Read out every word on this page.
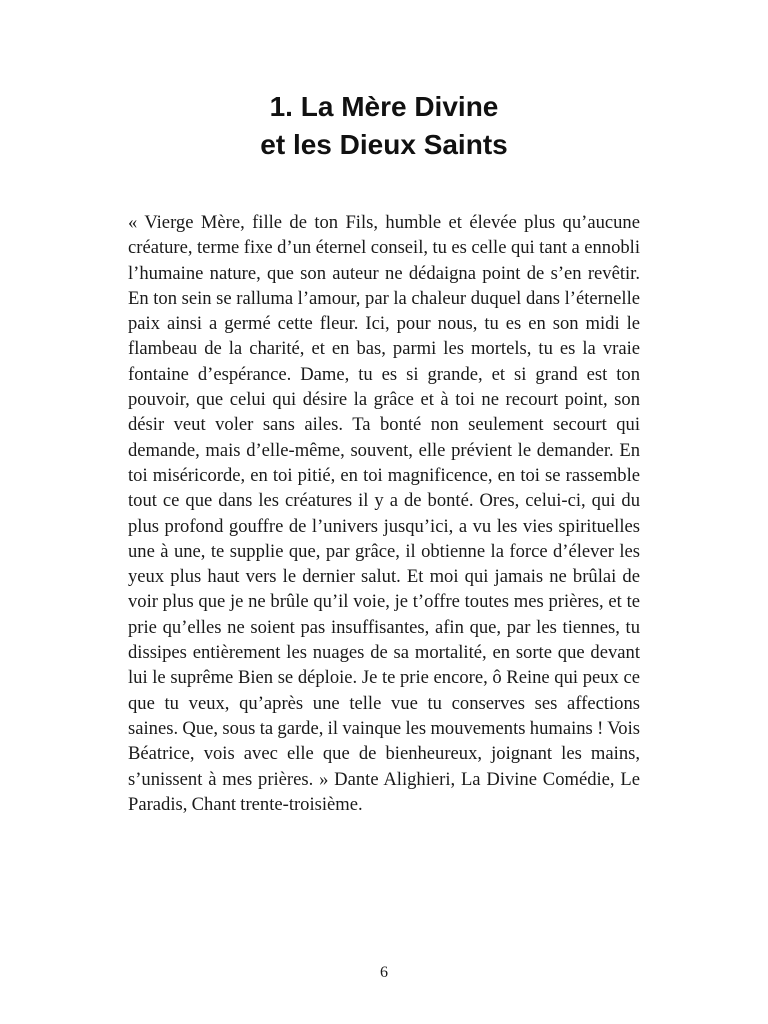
1. La Mère Divine
et les Dieux Saints

« Vierge Mère, fille de ton Fils, humble et élevée plus qu’aucune créature, terme fixe d’un éternel conseil, tu es celle qui tant a ennobli l’humaine nature, que son auteur ne dédaigna point de s’en revêtir. En ton sein se ralluma l’amour, par la chaleur duquel dans l’éternelle paix ainsi a germé cette fleur. Ici, pour nous, tu es en son midi le flambeau de la charité, et en bas, parmi les mortels, tu es la vraie fontaine d’espérance. Dame, tu es si grande, et si grand est ton pouvoir, que celui qui désire la grâce et à toi ne recourt point, son désir veut voler sans ailes. Ta bonté non seulement secourt qui demande, mais d’elle-même, souvent, elle prévient le demander. En toi miséricorde, en toi pitié, en toi magnificence, en toi se rassemble tout ce que dans les créatures il y a de bonté. Ores, celui-ci, qui du plus profond gouffre de l’univers jusqu’ici, a vu les vies spirituelles une à une, te supplie que, par grâce, il obtienne la force d’élever les yeux plus haut vers le dernier salut. Et moi qui jamais ne brûlai de voir plus que je ne brûle qu’il voie, je t’offre toutes mes prières, et te prie qu’elles ne soient pas insuffisantes, afin que, par les tiennes, tu dissipes entièrement les nuages de sa mortalité, en sorte que devant lui le suprême Bien se déploie. Je te prie encore, ô Reine qui peux ce que tu veux, qu’après une telle vue tu conserves ses affections saines. Que, sous ta garde, il vainque les mouvements humains ! Vois Béatrice, vois avec elle que de bienheureux, joignant les mains, s’unissent à mes prières. » Dante Alighieri, La Divine Comédie, Le Paradis, Chant trente-troisième.

6
